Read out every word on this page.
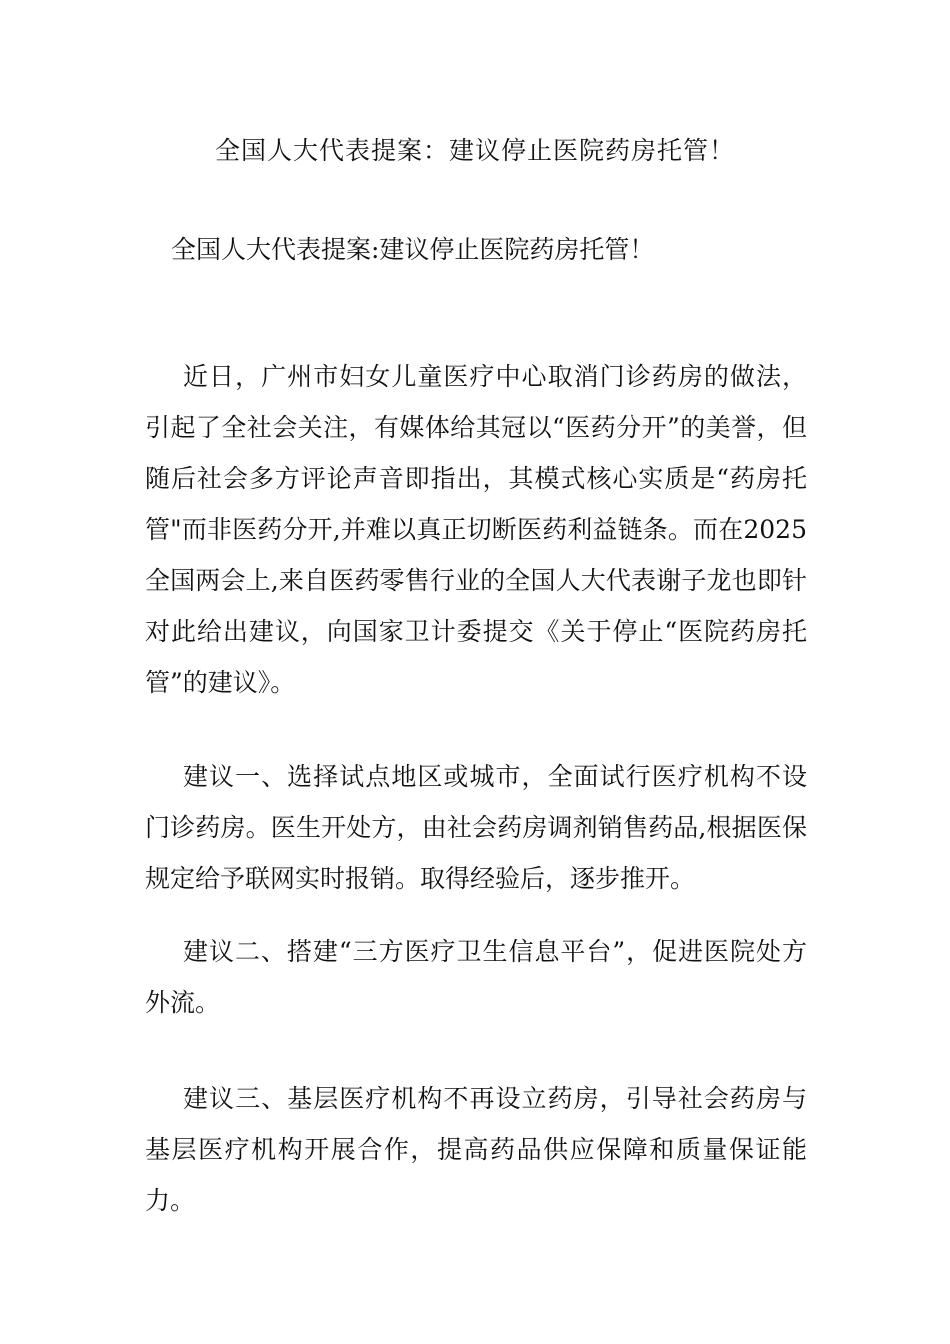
全国人大代表提案：建议停止医院药房托管！
全国人大代表提案:建议停止医院药房托管！

近日，广州市妇女儿童医疗中心取消门诊药房的做法，引起了全社会关注，有媒体给其冠以“医药分开”的美誉，但随后社会多方评论声音即指出，其模式核心实质是“药房托管"而非医药分开,并难以真正切断医药利益链条。而在2025全国两会上,来自医药零售行业的全国人大代表谢子龙也即针对此给出建议，向国家卫计委提交《关于停止“医院药房托管”的建议》。

建议一、选择试点地区或城市，全面试行医疗机构不设门诊药房。医生开处方，由社会药房调剂销售药品,根据医保规定给予联网实时报销。取得经验后，逐步推开。

建议二、搭建“三方医疗卫生信息平台”，促进医院处方外流。

建议三、基层医疗机构不再设立药房，引导社会药房与基层医疗机构开展合作，提高药品供应保障和质量保证能力。
